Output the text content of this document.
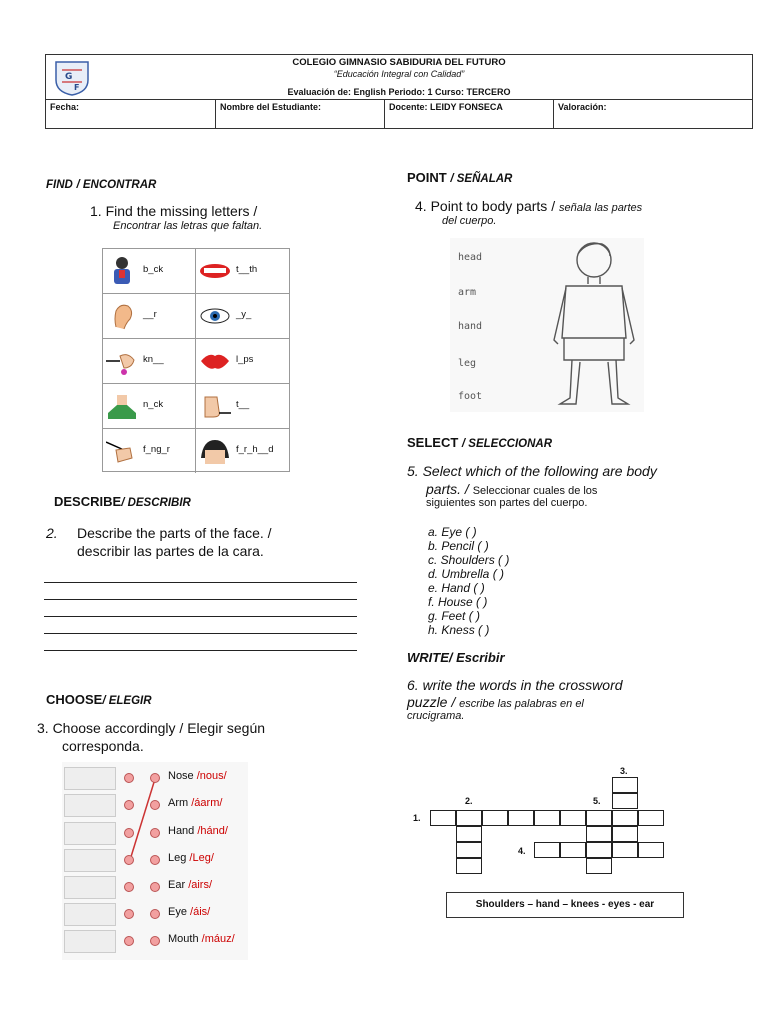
G
F
COLEGIO GIMNASIO SABIDURIA DEL FUTURO
“Educación Integral con Calidad”
Evaluación de: English Periodo: 1 Curso: TERCERO
Fecha:	Nombre del Estudiante:	Docente: LEIDY FONSECA	Valoración:
FIND / ENCONTRAR
1. Find the missing letters /
Encontrar las letras que faltan.
b_ck	t__th
__r	_y_
kn__	l_ps
n_ck	t__
f_ng_r	f_r_h__d
DESCRIBE/ DESCRIBIR
2. Describe the parts of the face. /
describir las partes de la cara.
CHOOSE/ ELEGIR
3. Choose accordingly / Elegir según
corresponda.
Nose /nous/
Arm /áarm/
Hand /hánd/
Leg /Leg/
Ear /airs/
Eye /áis/
Mouth /máuz/
POINT / SEÑALAR
4. Point to body parts / señala las partes
del cuerpo.
head
arm
hand
leg
foot
SELECT / SELECCIONAR
5. Select which of the following are body
parts. / Seleccionar cuales de los
siguientes son partes del cuerpo.
a. Eye ( )
b. Pencil ( )
c. Shoulders ( )
d. Umbrella ( )
e. Hand ( )
f. House ( )
g. Feet ( )
h. Kness ( )
WRITE/ Escribir
6. write the words in the crossword
puzzle / escribe las palabras en el
crucigrama.
3.
2.	5.
1.
4.
Shoulders – hand – knees - eyes - ear
